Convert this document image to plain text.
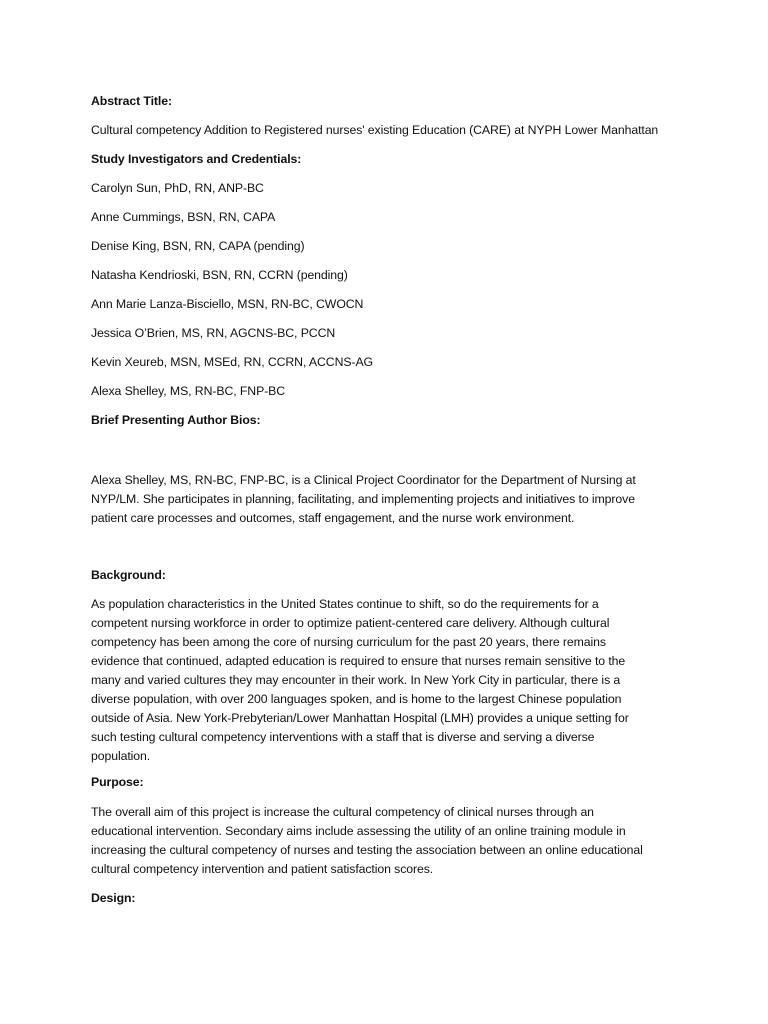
Abstract Title:
Cultural competency Addition to Registered nurses' existing Education (CARE) at NYPH Lower Manhattan
Study Investigators and Credentials:
Carolyn Sun, PhD, RN, ANP-BC
Anne Cummings, BSN, RN, CAPA
Denise King, BSN, RN, CAPA (pending)
Natasha Kendrioski, BSN, RN, CCRN (pending)
Ann Marie Lanza-Bisciello, MSN, RN-BC, CWOCN
Jessica O’Brien, MS, RN, AGCNS-BC, PCCN
Kevin Xeureb, MSN, MSEd, RN, CCRN, ACCNS-AG
Alexa Shelley, MS, RN-BC, FNP-BC
Brief Presenting Author Bios:
Alexa Shelley, MS, RN-BC, FNP-BC, is a Clinical Project Coordinator for the Department of Nursing at
NYP/LM. She participates in planning, facilitating, and implementing projects and initiatives to improve
patient care processes and outcomes, staff engagement, and the nurse work environment.
Background:
As population characteristics in the United States continue to shift, so do the requirements for a
competent nursing workforce in order to optimize patient-centered care delivery. Although cultural
competency has been among the core of nursing curriculum for the past 20 years, there remains
evidence that continued, adapted education is required to ensure that nurses remain sensitive to the
many and varied cultures they may encounter in their work. In New York City in particular, there is a
diverse population, with over 200 languages spoken, and is home to the largest Chinese population
outside of Asia. New York-Prebyterian/Lower Manhattan Hospital (LMH) provides a unique setting for
such testing cultural competency interventions with a staff that is diverse and serving a diverse
population.
Purpose:
The overall aim of this project is increase the cultural competency of clinical nurses through an
educational intervention. Secondary aims include assessing the utility of an online training module in
increasing the cultural competency of nurses and testing the association between an online educational
cultural competency intervention and patient satisfaction scores.
Design:
